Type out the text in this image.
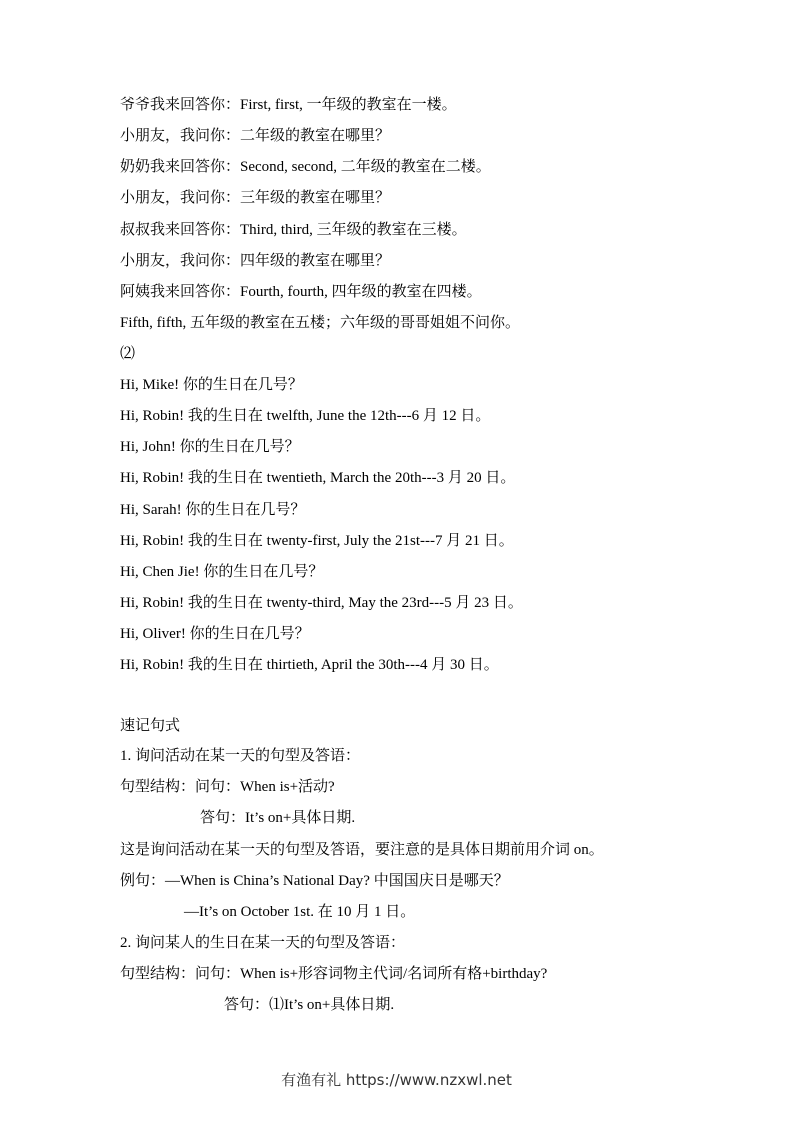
爷爷我来回答你：First, first, 一年级的教室在一楼。
小朋友，我问你：二年级的教室在哪里？
奶奶我来回答你：Second, second, 二年级的教室在二楼。
小朋友，我问你：三年级的教室在哪里？
叔叔我来回答你：Third, third, 三年级的教室在三楼。
小朋友，我问你：四年级的教室在哪里？
阿姨我来回答你：Fourth, fourth, 四年级的教室在四楼。
Fifth, fifth, 五年级的教室在五楼；六年级的哥哥姐姐不问你。
⑵
Hi, Mike! 你的生日在几号？
Hi, Robin! 我的生日在 twelfth, June the 12th---6 月 12 日。
Hi, John! 你的生日在几号？
Hi, Robin! 我的生日在 twentieth, March the 20th---3 月 20 日。
Hi, Sarah! 你的生日在几号？
Hi, Robin! 我的生日在 twenty-first, July the 21st---7 月 21 日。
Hi, Chen Jie! 你的生日在几号？
Hi, Robin! 我的生日在 twenty-third, May the 23rd---5 月 23 日。
Hi, Oliver! 你的生日在几号？
Hi, Robin! 我的生日在 thirtieth, April the 30th---4 月 30 日。
速记句式
1. 询问活动在某一天的句型及答语：
句型结构：问句：When is+活动?
答句：It’s on+具体日期.
这是询问活动在某一天的句型及答语，要注意的是具体日期前用介词 on。
例句：—When is China’s National Day? 中国国庆日是哪天？
—It’s on October 1st. 在 10 月 1 日。
2. 询问某人的生日在某一天的句型及答语：
句型结构：问句：When is+形容词物主代词/名词所有格+birthday?
答句：⑴It’s on+具体日期.
有渔有礼 https://www.nzxwl.net
